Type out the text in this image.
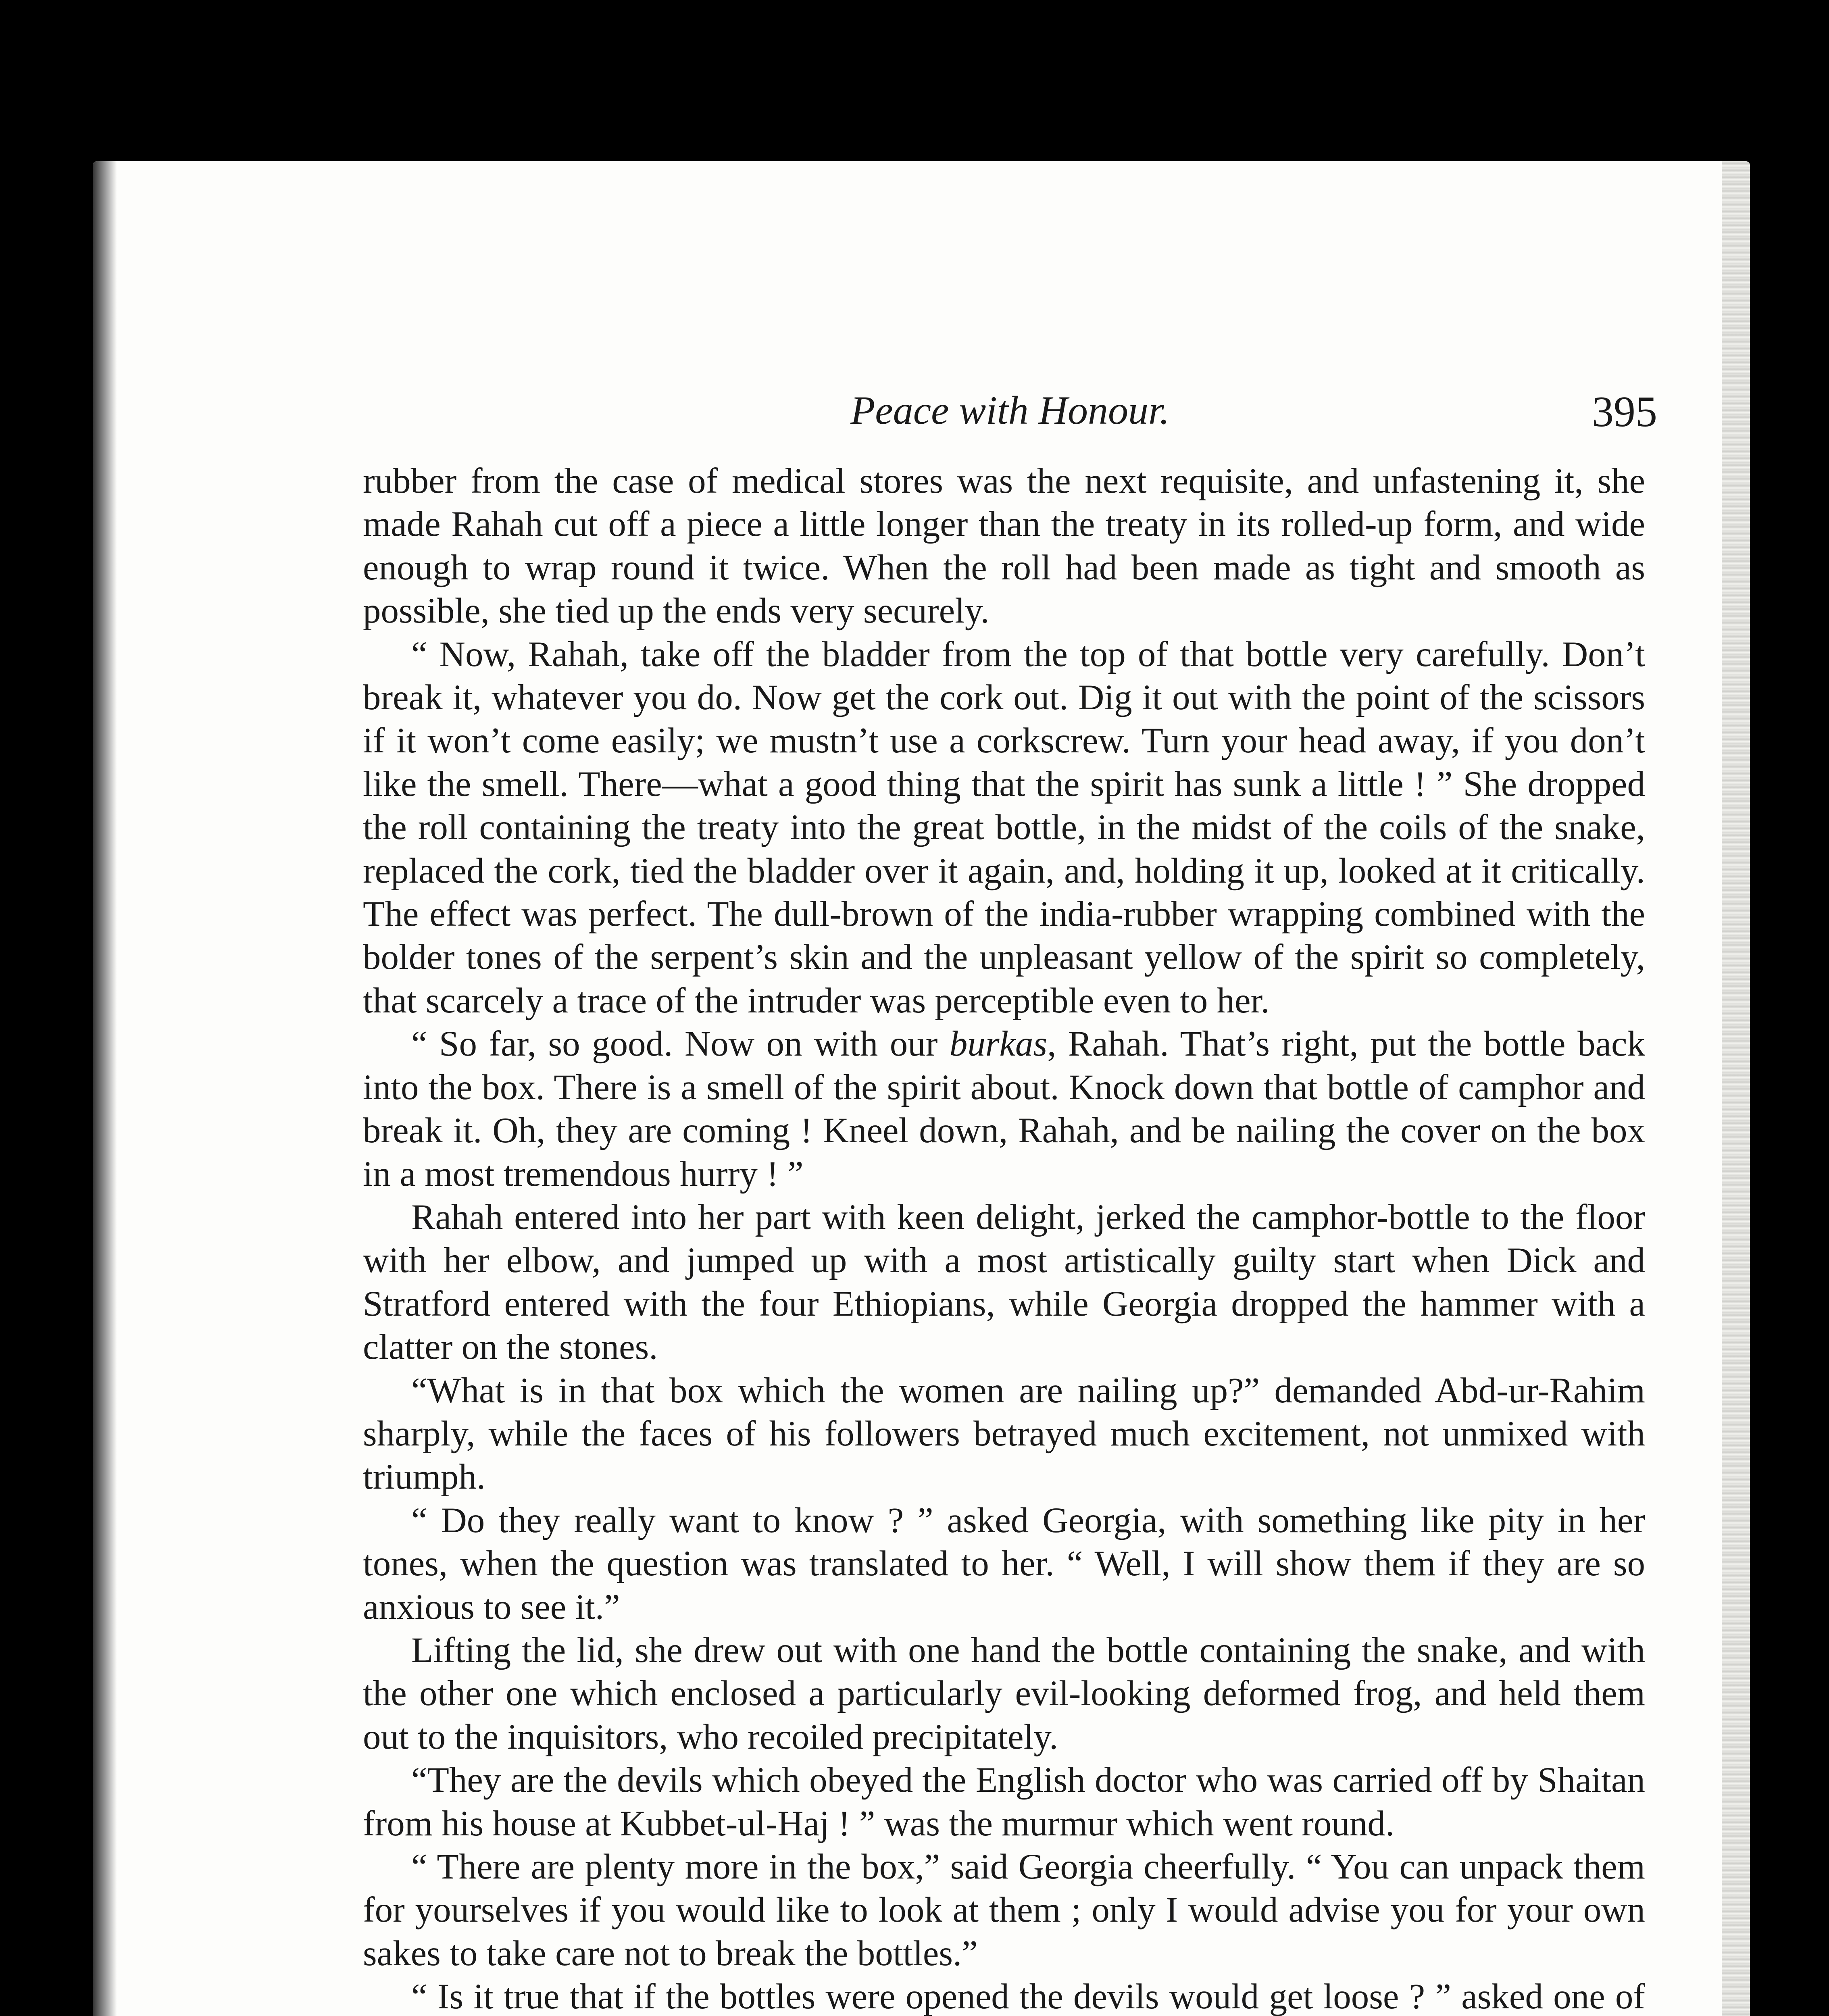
Peace with Honour.	395

rubber from the case of medical stores was the next requisite, and unfastening it, she made Rahah cut off a piece a little longer than the treaty in its rolled-up form, and wide enough to wrap round it twice. When the roll had been made as tight and smooth as possible, she tied up the ends very securely.

“ Now, Rahah, take off the bladder from the top of that bottle very carefully. Don’t break it, whatever you do. Now get the cork out. Dig it out with the point of the scissors if it won’t come easily; we mustn’t use a corkscrew. Turn your head away, if you don’t like the smell. There—what a good thing that the spirit has sunk a little ! ” She dropped the roll containing the treaty into the great bottle, in the midst of the coils of the snake, replaced the cork, tied the bladder over it again, and, holding it up, looked at it critically. The effect was perfect. The dull-brown of the india-rubber wrapping combined with the bolder tones of the serpent’s skin and the unpleasant yellow of the spirit so completely, that scarcely a trace of the intruder was perceptible even to her.

“ So far, so good. Now on with our burkas, Rahah. That’s right, put the bottle back into the box. There is a smell of the spirit about. Knock down that bottle of camphor and break it. Oh, they are coming ! Kneel down, Rahah, and be nailing the cover on the box in a most tremendous hurry ! ”

Rahah entered into her part with keen delight, jerked the camphor-bottle to the floor with her elbow, and jumped up with a most artistically guilty start when Dick and Stratford entered with the four Ethiopians, while Georgia dropped the hammer with a clatter on the stones.

“What is in that box which the women are nailing up?” demanded Abd-ur-Rahim sharply, while the faces of his followers betrayed much excitement, not unmixed with triumph.

“ Do they really want to know ? ” asked Georgia, with something like pity in her tones, when the question was translated to her. “ Well, I will show them if they are so anxious to see it.”

Lifting the lid, she drew out with one hand the bottle containing the snake, and with the other one which enclosed a particularly evil-looking deformed frog, and held them out to the inquisitors, who recoiled precipitately.

“They are the devils which obeyed the English doctor who was carried off by Shaitan from his house at Kubbet-ul-Haj ! ” was the murmur which went round.

“ There are plenty more in the box,” said Georgia cheerfully. “ You can unpack them for yourselves if you would like to look at them ; only I would advise you for your own sakes to take care not to break the bottles.”

“ Is it true that if the bottles were opened the devils would get loose ? ” asked one of
